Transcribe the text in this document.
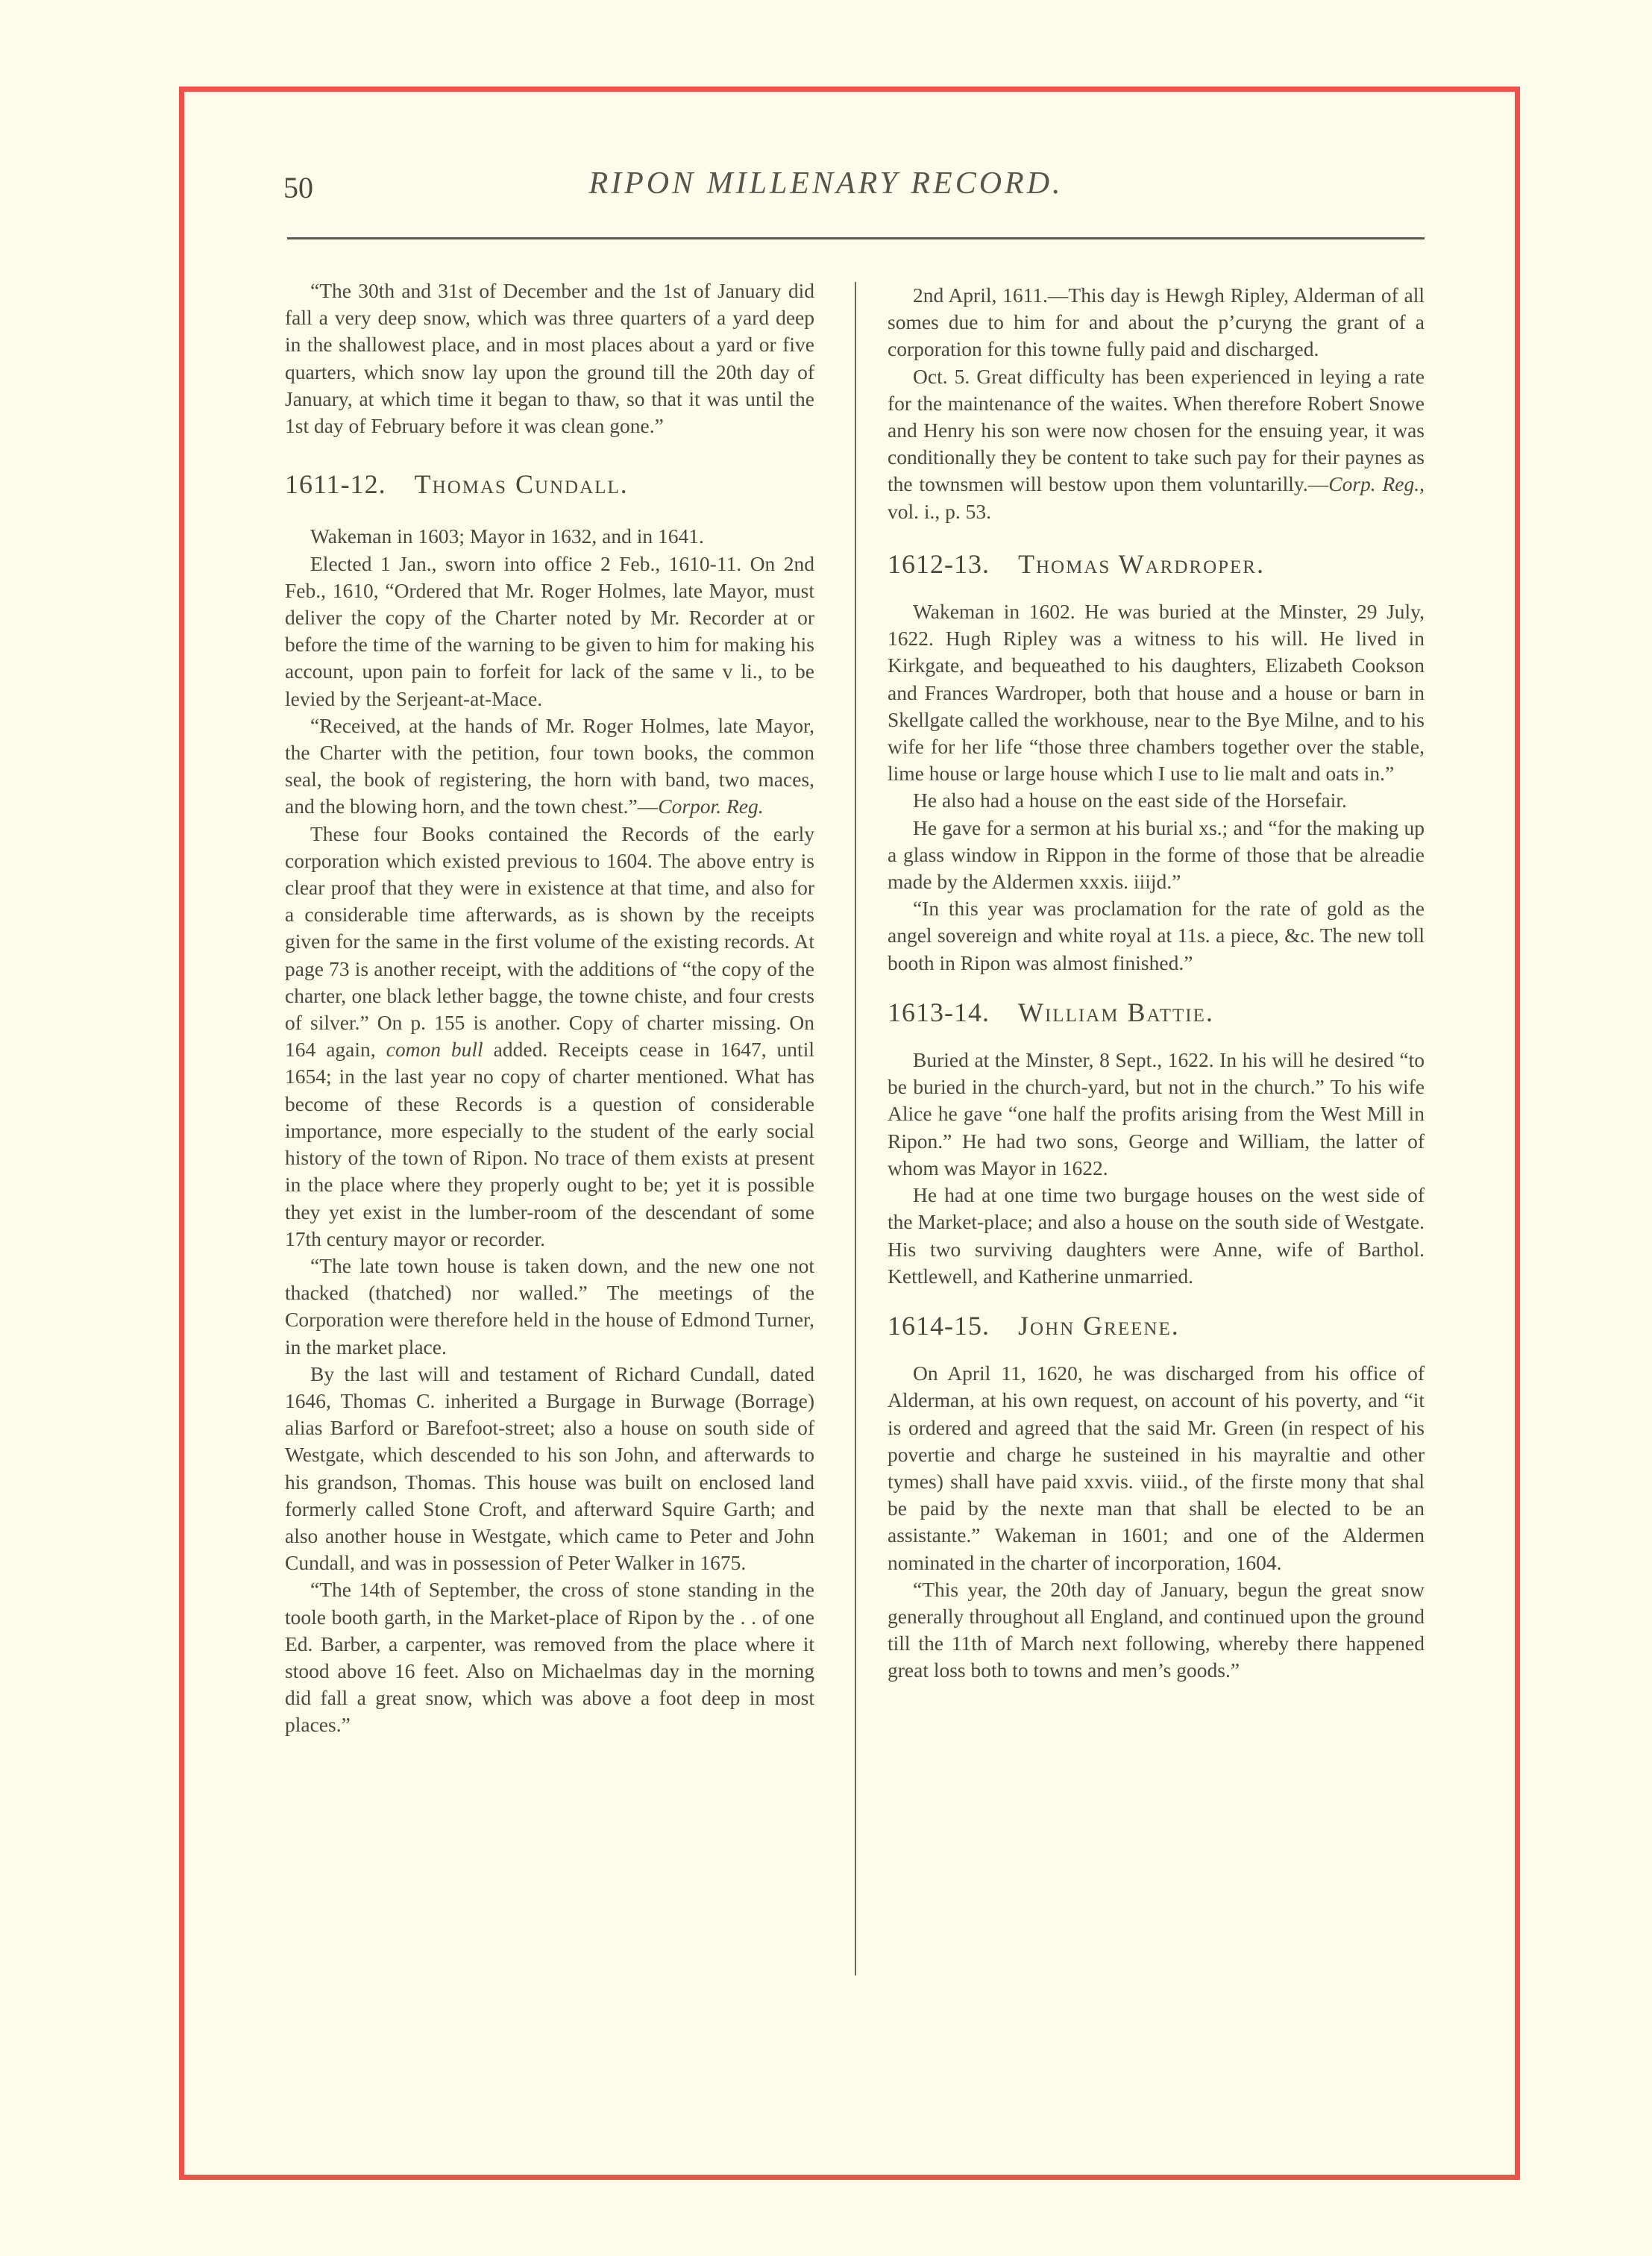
50	RIPON MILLENARY RECORD.

“The 30th and 31st of December and the 1st of January did fall a very deep snow, which was three quarters of a yard deep in the shallowest place, and in most places about a yard or five quarters, which snow lay upon the ground till the 20th day of January, at which time it began to thaw, so that it was until the 1st day of February before it was clean gone.”

1611-12. Thomas Cundall.

Wakeman in 1603; Mayor in 1632, and in 1641.

Elected 1 Jan., sworn into office 2 Feb., 1610-11. On 2nd Feb., 1610, “Ordered that Mr. Roger Holmes, late Mayor, must deliver the copy of the Charter noted by Mr. Recorder at or before the time of the warning to be given to him for making his account, upon pain to forfeit for lack of the same v li., to be levied by the Serjeant-at-Mace.

“Received, at the hands of Mr. Roger Holmes, late Mayor, the Charter with the petition, four town books, the common seal, the book of registering, the horn with band, two maces, and the blowing horn, and the town chest.”—Corpor. Reg.

These four Books contained the Records of the early corporation which existed previous to 1604. The above entry is clear proof that they were in existence at that time, and also for a considerable time afterwards, as is shown by the receipts given for the same in the first volume of the existing records. At page 73 is another receipt, with the additions of “the copy of the charter, one black lether bagge, the towne chiste, and four crests of silver.” On p. 155 is another. Copy of charter missing. On 164 again, comon bull added. Receipts cease in 1647, until 1654; in the last year no copy of charter mentioned. What has become of these Records is a question of considerable importance, more especially to the student of the early social history of the town of Ripon. No trace of them exists at present in the place where they properly ought to be; yet it is possible they yet exist in the lumber-room of the descendant of some 17th century mayor or recorder.

“The late town house is taken down, and the new one not thacked (thatched) nor walled.” The meetings of the Corporation were therefore held in the house of Edmond Turner, in the market place.

By the last will and testament of Richard Cundall, dated 1646, Thomas C. inherited a Burgage in Burwage (Borrage) alias Barford or Barefoot-street; also a house on south side of Westgate, which descended to his son John, and afterwards to his grandson, Thomas. This house was built on enclosed land formerly called Stone Croft, and afterward Squire Garth; and also another house in Westgate, which came to Peter and John Cundall, and was in possession of Peter Walker in 1675.

“The 14th of September, the cross of stone standing in the toole booth garth, in the Market-place of Ripon by the . . of one Ed. Barber, a carpenter, was removed from the place where it stood above 16 feet. Also on Michaelmas day in the morning did fall a great snow, which was above a foot deep in most places.”

2nd April, 1611.—This day is Hewgh Ripley, Alderman of all somes due to him for and about the p’curyng the grant of a corporation for this towne fully paid and discharged.

Oct. 5. Great difficulty has been experienced in leying a rate for the maintenance of the waites. When therefore Robert Snowe and Henry his son were now chosen for the ensuing year, it was conditionally they be content to take such pay for their paynes as the townsmen will bestow upon them voluntarilly.—Corp. Reg., vol. i., p. 53.

1612-13. Thomas Wardroper.

Wakeman in 1602. He was buried at the Minster, 29 July, 1622. Hugh Ripley was a witness to his will. He lived in Kirkgate, and bequeathed to his daughters, Elizabeth Cookson and Frances Wardroper, both that house and a house or barn in Skellgate called the workhouse, near to the Bye Milne, and to his wife for her life “those three chambers together over the stable, lime house or large house which I use to lie malt and oats in.”

He also had a house on the east side of the Horsefair.

He gave for a sermon at his burial xs.; and “for the making up a glass window in Rippon in the forme of those that be alreadie made by the Aldermen xxxis. iiijd.”

“In this year was proclamation for the rate of gold as the angel sovereign and white royal at 11s. a piece, &c. The new toll booth in Ripon was almost finished.”

1613-14. William Battie.

Buried at the Minster, 8 Sept., 1622. In his will he desired “to be buried in the church-yard, but not in the church.” To his wife Alice he gave “one half the profits arising from the West Mill in Ripon.” He had two sons, George and William, the latter of whom was Mayor in 1622.

He had at one time two burgage houses on the west side of the Market-place; and also a house on the south side of Westgate. His two surviving daughters were Anne, wife of Barthol. Kettlewell, and Katherine unmarried.

1614-15. John Greene.

On April 11, 1620, he was discharged from his office of Alderman, at his own request, on account of his poverty, and “it is ordered and agreed that the said Mr. Green (in respect of his povertie and charge he susteined in his mayraltie and other tymes) shall have paid xxvis. viiid., of the firste mony that shal be paid by the nexte man that shall be elected to be an assistante.” Wakeman in 1601; and one of the Aldermen nominated in the charter of incorporation, 1604.

“This year, the 20th day of January, begun the great snow generally throughout all England, and continued upon the ground till the 11th of March next following, whereby there happened great loss both to towns and men’s goods.”
